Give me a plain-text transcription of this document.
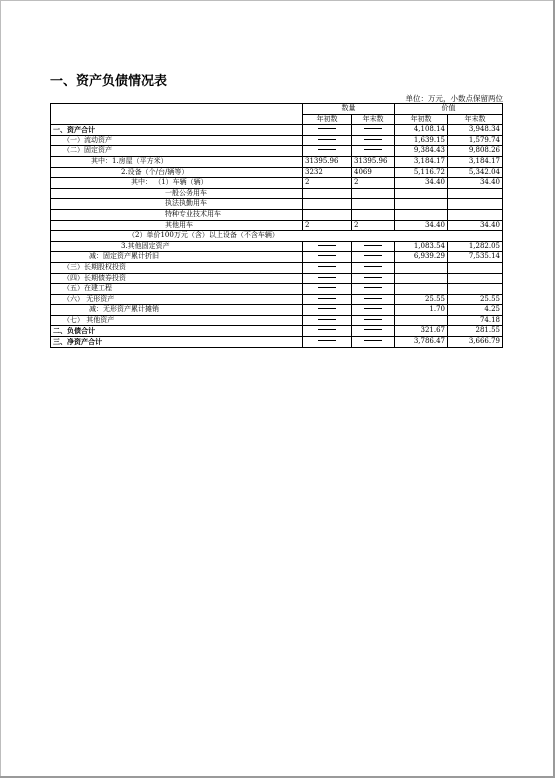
一、资产负债情况表
单位：万元，小数点保留两位
	数量		价值	
	年初数	年末数	年初数	年末数
一、资产合计			4,108.14	3,948.34
（一）流动资产			1,639.15	1,579.74
（二）固定资产			9,384.43	9,808.26
其中：1.房屋（平方米）	31395.96	31395.96	3,184.17	3,184.17
2.设备（个/台/辆等）	3232	4069	5,116.72	5,342.04
其中： （1）车辆（辆）	2	2	34.40	34.40
一般公务用车				
执法执勤用车				
特种专业技术用车				
其他用车	2	2	34.40	34.40
（2）单价100万元（含）以上设备（不含车辆）				
3.其他固定资产			1,083.54	1,282.05
减：固定资产累计折旧			6,939.29	7,535.14
（三）长期股权投资				
（四）长期债券投资				
（五）在建工程				
（六） 无形资产			25.55	25.55
减：无形资产累计摊销			1.70	4.25
（七） 其他资产				74.18
二、负债合计			321.67	281.55
三、净资产合计			3,786.47	3,666.79
